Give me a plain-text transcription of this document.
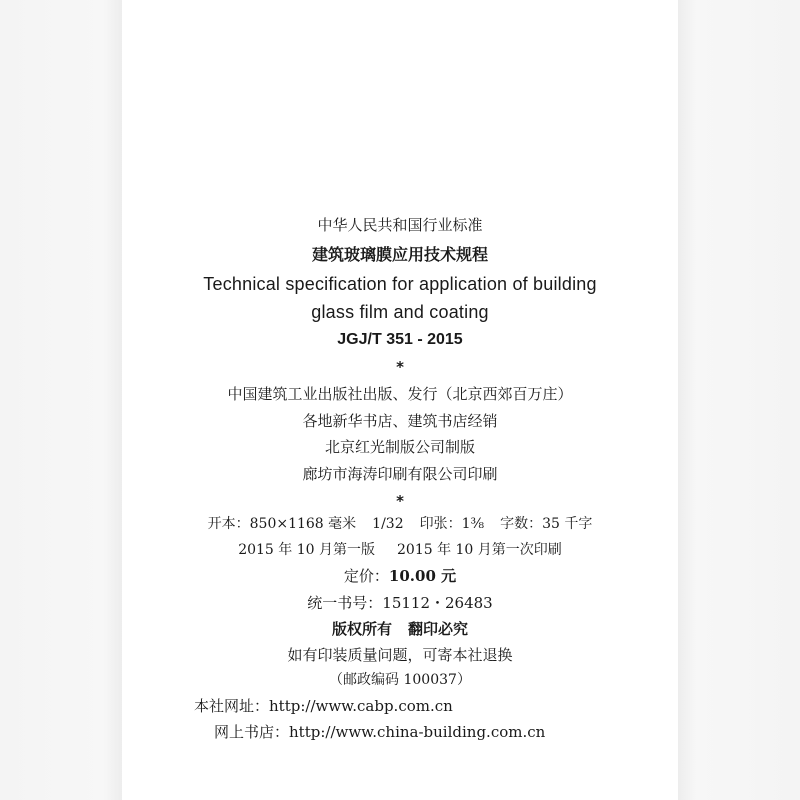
中华人民共和国行业标准
建筑玻璃膜应用技术规程
Technical specification for application of building
glass film and coating
JGJ/T 351 - 2015
*
中国建筑工业出版社出版、发行（北京西郊百万庄）
各地新华书店、建筑书店经销
北京红光制版公司制版
廊坊市海涛印刷有限公司印刷
*
开本：850×1168 毫米 1/32 印张：1⅜ 字数：35 千字
2015 年 10 月第一版 2015 年 10 月第一次印刷
定价：10.00 元
统一书号：15112・26483
版权所有 翻印必究
如有印装质量问题，可寄本社退换
（邮政编码 100037）
本社网址：http://www.cabp.com.cn
网上书店：http://www.china-building.com.cn
